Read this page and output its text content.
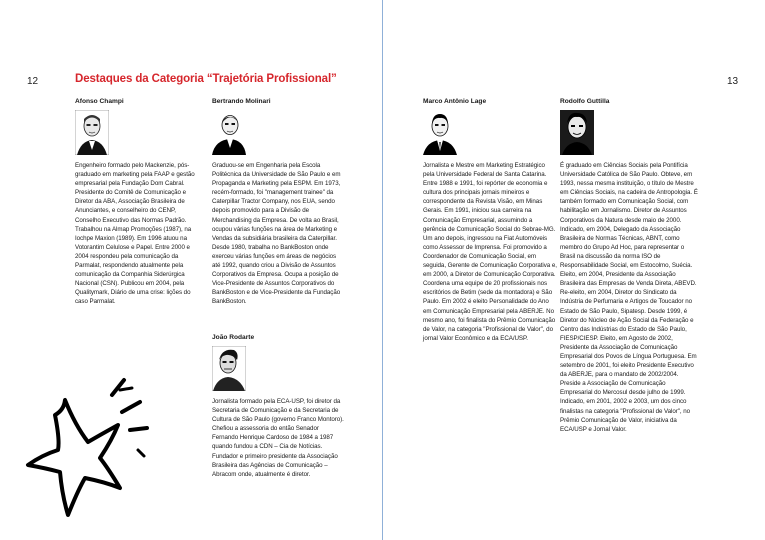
12	13
Destaques da Categoria “Trajetória Profissional”
Afonso Champi

Engenheiro formado pelo Mackenzie, pós-graduado em marketing pela FAAP e gestão empresarial pela Fundação Dom Cabral. Presidente do Comitê de Comunicação e Diretor da ABA, Associação Brasileira de Anunciantes, e conselheiro do CENP, Conselho Executivo das Normas Padrão. Trabalhou na Almap Promoções (1987), na Iochpe Maxion (1989). Em 1996 atuou na Votorantim Celulose e Papel. Entre 2000 e 2004 respondeu pela comunicação da Parmalat, respondendo atualmente pela comunicação da Companhia Siderúrgica Nacional (CSN). Publicou em 2004, pela Qualitymark, Diário de uma crise: lições do caso Parmalat.

Bertrando Molinari

Graduou-se em Engenharia pela Escola Politécnica da Universidade de São Paulo e em Propaganda e Marketing pela ESPM. Em 1973, recém-formado, foi "management trainee" da Caterpillar Tractor Company, nos EUA, sendo depois promovido para a Divisão de Merchandising da Empresa. De volta ao Brasil, ocupou várias funções na área de Marketing e Vendas da subsidiária brasileira da Caterpillar. Desde 1980, trabalha no BankBoston onde exerceu várias funções em áreas de negócios até 1992, quando criou a Divisão de Assuntos Corporativos da Empresa. Ocupa a posição de Vice-Presidente de Assuntos Corporativos do BankBoston e de Vice-Presidente da Fundação BankBoston.

João Rodarte

Jornalista formado pela ECA-USP, foi diretor da Secretaria de Comunicação e da Secretaria de Cultura de São Paulo (governo Franco Montoro). Chefiou a assessoria do então Senador Fernando Henrique Cardoso de 1984 a 1987 quando fundou a CDN – Cia de Notícias. Fundador e primeiro presidente da Associação Brasileira das Agências de Comunicação – Abracom onde, atualmente é diretor.

Marco Antônio Lage

Jornalista e Mestre em Marketing Estratégico pela Universidade Federal de Santa Catarina. Entre 1988 e 1991, foi repórter de economia e cultura dos principais jornais mineiros e correspondente da Revista Visão, em Minas Gerais. Em 1991, iniciou sua carreira na Comunicação Empresarial, assumindo a gerência de Comunicação Social do Sebrae-MG. Um ano depois, ingressou na Fiat Automóveis como Assessor de Imprensa. Foi promovido a Coordenador de Comunicação Social, em seguida, Gerente de Comunicação Corporativa e, em 2000, a Diretor de Comunicação Corporativa. Coordena uma equipe de 20 profissionais nos escritórios de Betim (sede da montadora) e São Paulo. Em 2002 é eleito Personalidade do Ano em Comunicação Empresarial pela ABERJE. No mesmo ano, foi finalista do Prêmio Comunicação de Valor, na categoria "Profissional de Valor", do jornal Valor Econômico e da ECA/USP.

Rodolfo Guttilla

É graduado em Ciências Sociais pela Pontifícia Universidade Católica de São Paulo. Obteve, em 1993, nessa mesma instituição, o título de Mestre em Ciências Sociais, na cadeira de Antropologia. É também formado em Comunicação Social, com habilitação em Jornalismo. Diretor de Assuntos Corporativos da Natura desde maio de 2000. Indicado, em 2004, Delegado da Associação Brasileira de Normas Técnicas, ABNT, como membro do Grupo Ad Hoc, para representar o Brasil na discussão da norma ISO de Responsabilidade Social, em Estocolmo, Suécia. Eleito, em 2004, Presidente da Associação Brasileira das Empresas de Venda Direta, ABEVD. Re-eleito, em 2004, Diretor do Sindicato da Indústria de Perfumaria e Artigos de Toucador no Estado de São Paulo, Sipatesp. Desde 1999, é Diretor do Núcleo de Ação Social da Federação e Centro das Indústrias do Estado de São Paulo, FIESP/CIESP. Eleito, em Agosto de 2002, Presidente da Associação de Comunicação Empresarial dos Povos de Língua Portuguesa. Em setembro de 2001, foi eleito Presidente Executivo da ABERJE, para o mandato de 2002/2004. Preside a Associação de Comunicação Empresarial do Mercosul desde julho de 1999. Indicado, em 2001, 2002 e 2003, um dos cinco finalistas na categoria "Profissional de Valor", no Prêmio Comunicação de Valor, iniciativa da ECA/USP e Jornal Valor.
